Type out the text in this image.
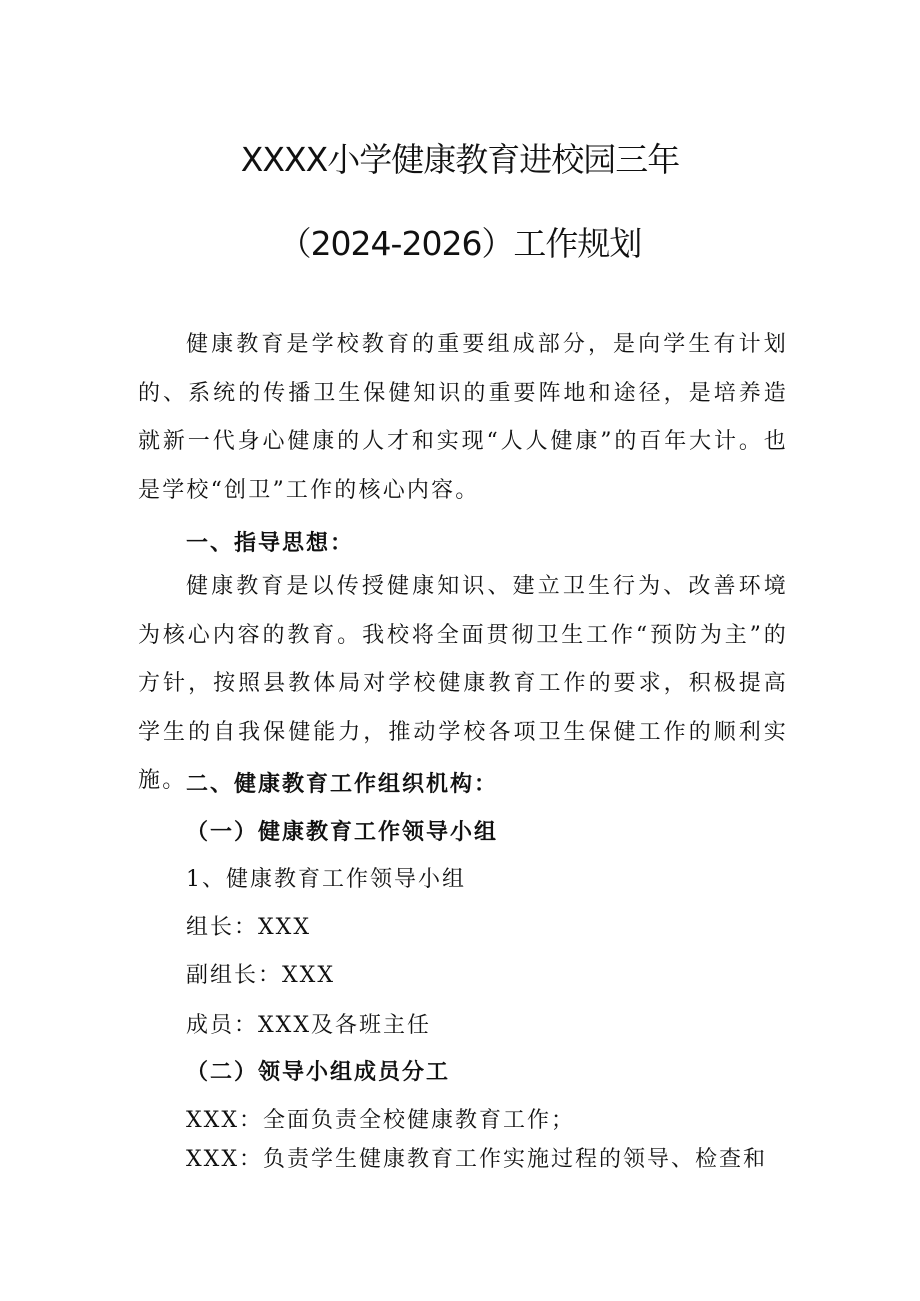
XXXX小学健康教育进校园三年
（2024-2026）工作规划
健康教育是学校教育的重要组成部分，是向学生有计划的、系统的传播卫生保健知识的重要阵地和途径，是培养造就新一代身心健康的人才和实现“人人健康”的百年大计。也是学校“创卫”工作的核心内容。
一、指导思想：
健康教育是以传授健康知识、建立卫生行为、改善环境为核心内容的教育。我校将全面贯彻卫生工作“预防为主”的方针，按照县教体局对学校健康教育工作的要求，积极提高学生的自我保健能力，推动学校各项卫生保健工作的顺利实施。 二、健康教育工作组织机构：
（一）健康教育工作领导小组
1、健康教育工作领导小组
组长：XXX
副组长：XXX
成员：XXX及各班主任
（二）领导小组成员分工
XXX：全面负责全校健康教育工作；
XXX：负责学生健康教育工作实施过程的领导、检查和
